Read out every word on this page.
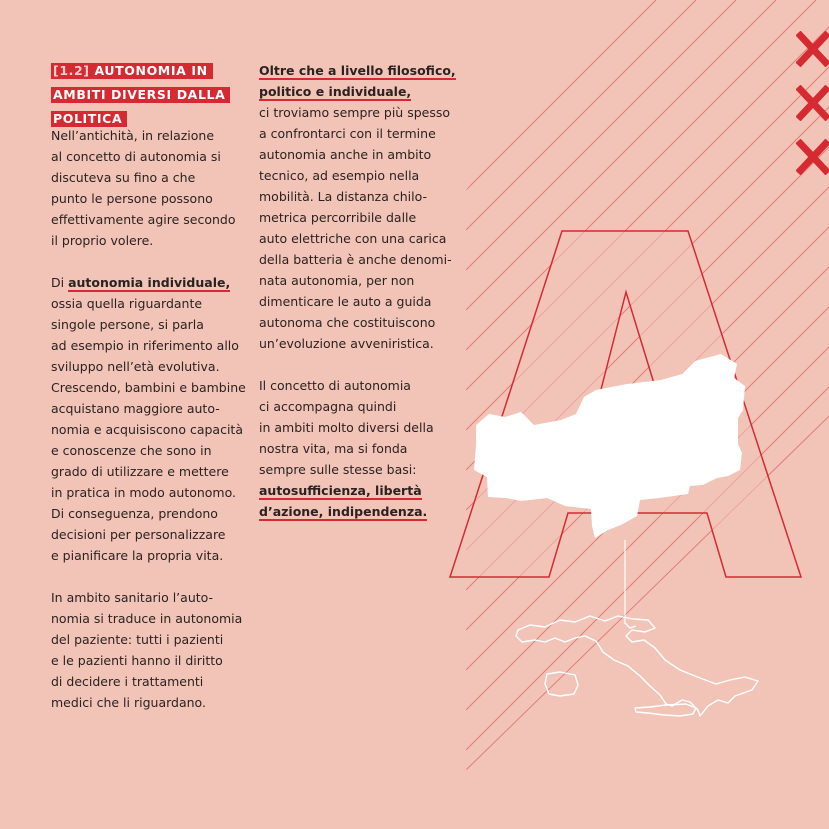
[1.2] AUTONOMIA IN
AMBITI DIVERSI DALLA
POLITICA
Nell’antichità, in relazione
al concetto di autonomia si
discuteva su fino a che
punto le persone possono
effettivamente agire secondo
il proprio volere.
Di autonomia individuale,
ossia quella riguardante
singole persone, si parla
ad esempio in riferimento allo
sviluppo nell’età evolutiva.
Crescendo, bambini e bambine
acquistano maggiore auto-
nomia e acquisiscono capacità
e conoscenze che sono in
grado di utilizzare e mettere
in pratica in modo autonomo.
Di conseguenza, prendono
decisioni per personalizzare
e pianificare la propria vita.
In ambito sanitario l’auto-
nomia si traduce in autonomia
del paziente: tutti i pazienti
e le pazienti hanno il diritto
di decidere i trattamenti
medici che li riguardano.
Oltre che a livello filosofico,
politico e individuale,
ci troviamo sempre più spesso
a confrontarci con il termine
autonomia anche in ambito
tecnico, ad esempio nella
mobilità. La distanza chilo-
metrica percorribile dalle
auto elettriche con una carica
della batteria è anche denomi-
nata autonomia, per non
dimenticare le auto a guida
autonoma che costituiscono
un’evoluzione avveniristica.
Il concetto di autonomia
ci accompagna quindi
in ambiti molto diversi della
nostra vita, ma si fonda
sempre sulle stesse basi:
autosufficienza, libertà
d’azione, indipendenza.
